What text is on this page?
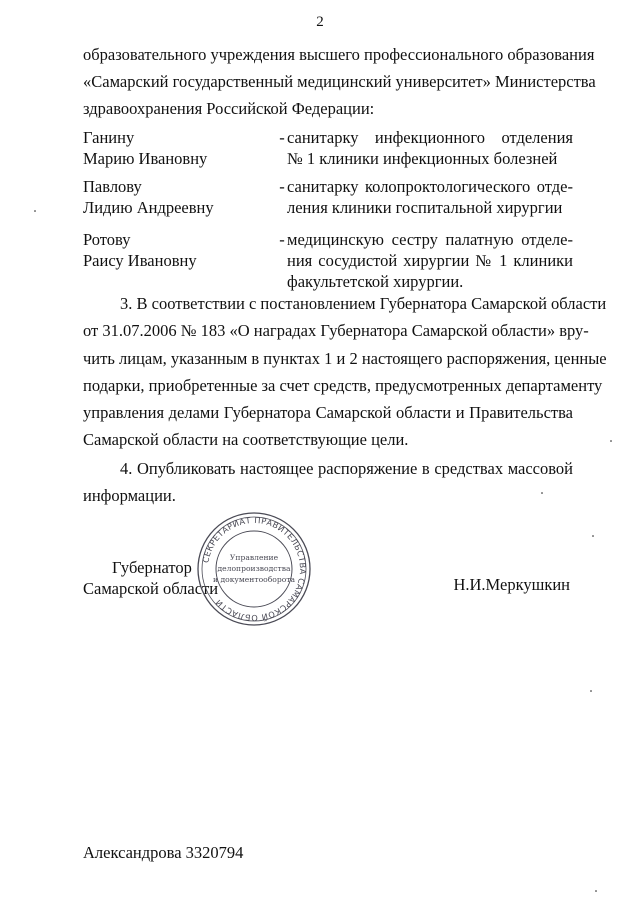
2
образовательного учреждения высшего профессионального образования
«Самарский государственный медицинский университет» Министерства
здравоохранения Российской Федерации:
Ганину
Марию Ивановну
- санитарку инфекционного отделения
№ 1 клиники инфекционных болезней
Павлову
Лидию Андреевну
- санитарку колопроктологического отде-
ления клиники госпитальной хирургии
Ротову
Раису Ивановну
- медицинскую сестру палатную отделе-
ния сосудистой хирургии № 1 клиники
факультетской хирургии.
3. В соответствии с постановлением Губернатора Самарской области
от 31.07.2006 № 183 «О наградах Губернатора Самарской области» вру-
чить лицам, указанным в пунктах 1 и 2 настоящего распоряжения, ценные
подарки, приобретенные за счет средств, предусмотренных департаменту
управления делами Губернатора Самарской области и Правительства
Самарской области на соответствующие цели.
4. Опубликовать настоящее распоряжение в средствах массовой
информации.
Губернатор
Самарской области
СЕКРЕТАРИАТ ПРАВИТЕЛЬСТВА САМАРСКОЙ ОБЛАСТИ
Управление
делопроизводства
и документооборота	Н.И.Меркушкин
Александрова 3320794
